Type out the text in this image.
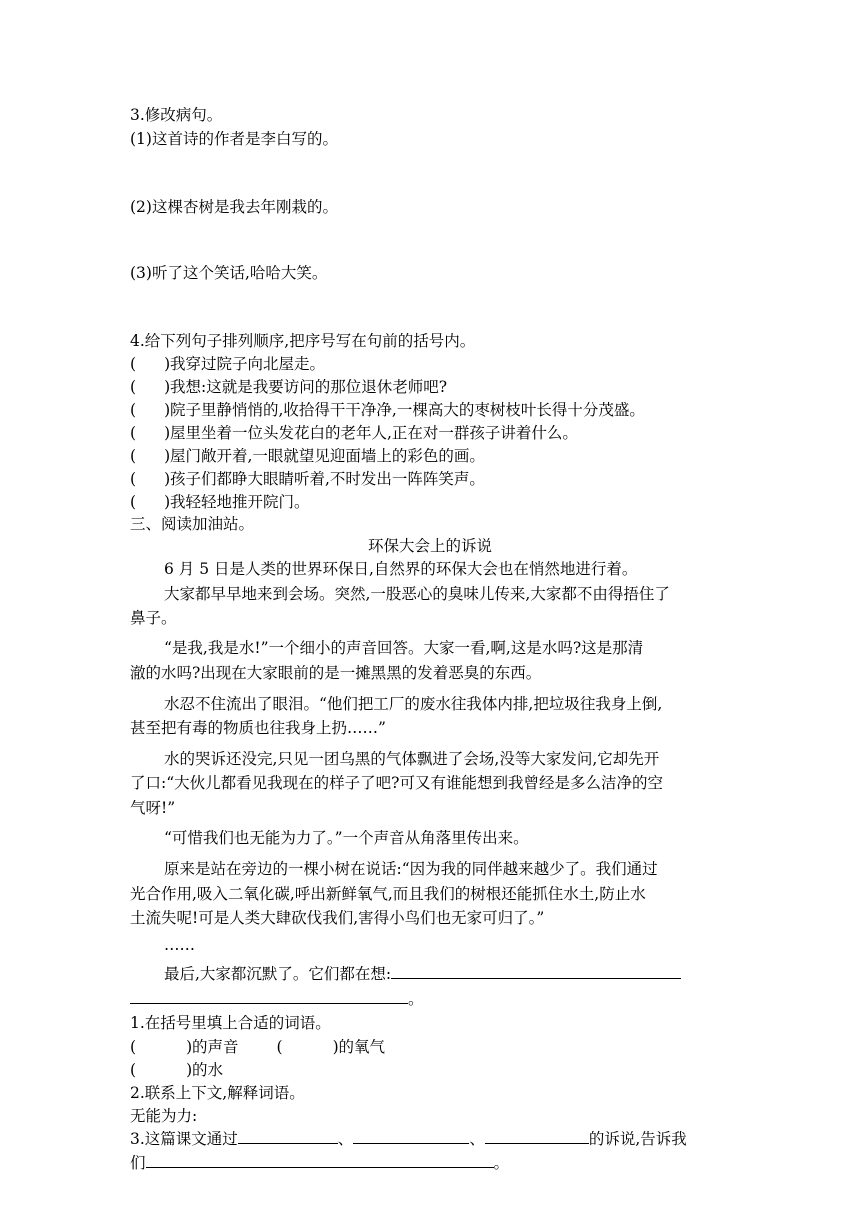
3.修改病句。
(1)这首诗的作者是李白写的。
(2)这棵杏树是我去年刚栽的。
(3)听了这个笑话,哈哈大笑。
4.给下列句子排列顺序,把序号写在句前的括号内。
( )我穿过院子向北屋走。
( )我想:这就是我要访问的那位退休老师吧?
( )院子里静悄悄的,收拾得干干净净,一棵高大的枣树枝叶长得十分茂盛。
( )屋里坐着一位头发花白的老年人,正在对一群孩子讲着什么。
( )屋门敞开着,一眼就望见迎面墙上的彩色的画。
( )孩子们都睁大眼睛听着,不时发出一阵阵笑声。
( )我轻轻地推开院门。
三、阅读加油站。
环保大会上的诉说
6 月 5 日是人类的世界环保日,自然界的环保大会也在悄然地进行着。
大家都早早地来到会场。突然,一股恶心的臭味儿传来,大家都不由得捂住了
鼻子。
“是我,我是水!”一个细小的声音回答。大家一看,啊,这是水吗?这是那清
澈的水吗?出现在大家眼前的是一摊黑黑的发着恶臭的东西。
水忍不住流出了眼泪。“他们把工厂的废水往我体内排,把垃圾往我身上倒,
甚至把有毒的物质也往我身上扔……”
水的哭诉还没完,只见一团乌黑的气体飘进了会场,没等大家发问,它却先开
了口:“大伙儿都看见我现在的样子了吧?可又有谁能想到我曾经是多么洁净的空
气呀!”
“可惜我们也无能为力了。”一个声音从角落里传出来。
原来是站在旁边的一棵小树在说话:“因为我的同伴越来越少了。我们通过
光合作用,吸入二氧化碳,呼出新鲜氧气,而且我们的树根还能抓住水土,防止水
土流失呢!可是人类大肆砍伐我们,害得小鸟们也无家可归了。”
……
最后,大家都沉默了。它们都在想:
。
1.在括号里填上合适的词语。
(	)的声音 (	)的氧气
(	)的水
2.联系上下文,解释词语。
无能为力:
3.这篇课文通过	、	、	的诉说,告诉我
们	。
